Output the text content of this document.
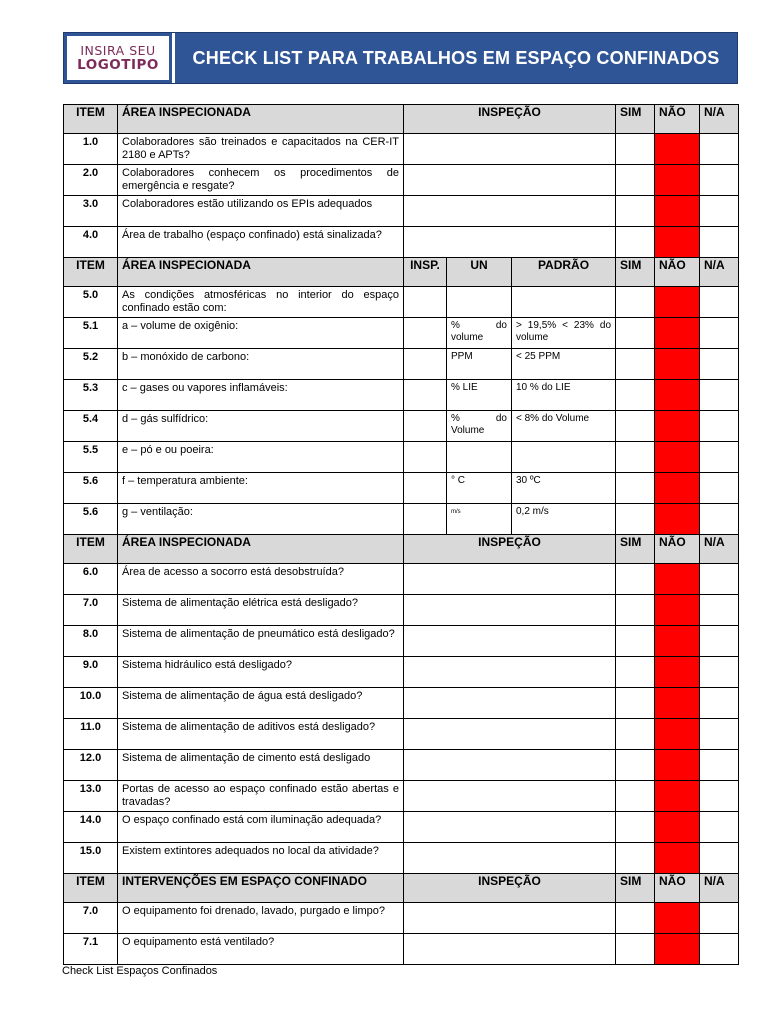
INSIRA SEU
LOGOTIPO CHECK LIST PARA TRABALHOS EM ESPAÇO CONFINADOS
ITEM	ÁREA INSPECIONADA	INSPEÇÃO			SIM	NÃO	N/A
1.0	Colaboradores são treinados e capacitados na CER-IT 2180 e APTs?						
2.0	Colaboradores conhecem os procedimentos de emergência e resgate?						
3.0	Colaboradores estão utilizando os EPIs adequados						
4.0	Área de trabalho (espaço confinado) está sinalizada?						
ITEM	ÁREA INSPECIONADA	INSP.	UN	PADRÃO	SIM	NÃO	N/A
5.0	As condições atmosféricas no interior do espaço confinado estão com:						
5.1	a – volume de oxigênio:		% do volume	> 19,5% < 23% do volume			
5.2	b – monóxido de carbono:		PPM	< 25 PPM			
5.3	c – gases ou vapores inflamáveis:		% LIE	10 % do LIE			
5.4	d – gás sulfídrico:		% do Volume	< 8% do Volume			
5.5	e – pó e ou poeira:						
5.6	f – temperatura ambiente:		° C	30 ºC			
5.6	g – ventilação:		m/s	0,2 m/s			
ITEM	ÁREA INSPECIONADA	INSPEÇÃO			SIM	NÃO	N/A
6.0	Área de acesso a socorro está desobstruída?						
7.0	Sistema de alimentação elétrica está desligado?						
8.0	Sistema de alimentação de pneumático está desligado?						
9.0	Sistema hidráulico está desligado?						
10.0	Sistema de alimentação de água está desligado?						
11.0	Sistema de alimentação de aditivos está desligado?						
12.0	Sistema de alimentação de cimento está desligado						
13.0	Portas de acesso ao espaço confinado estão abertas e travadas?						
14.0	O espaço confinado está com iluminação adequada?						
15.0	Existem extintores adequados no local da atividade?						
ITEM	INTERVENÇÕES EM ESPAÇO CONFINADO	INSPEÇÃO			SIM	NÃO	N/A
7.0	O equipamento foi drenado, lavado, purgado e limpo?						
7.1	O equipamento está ventilado?						
Check List Espaços Confinados
